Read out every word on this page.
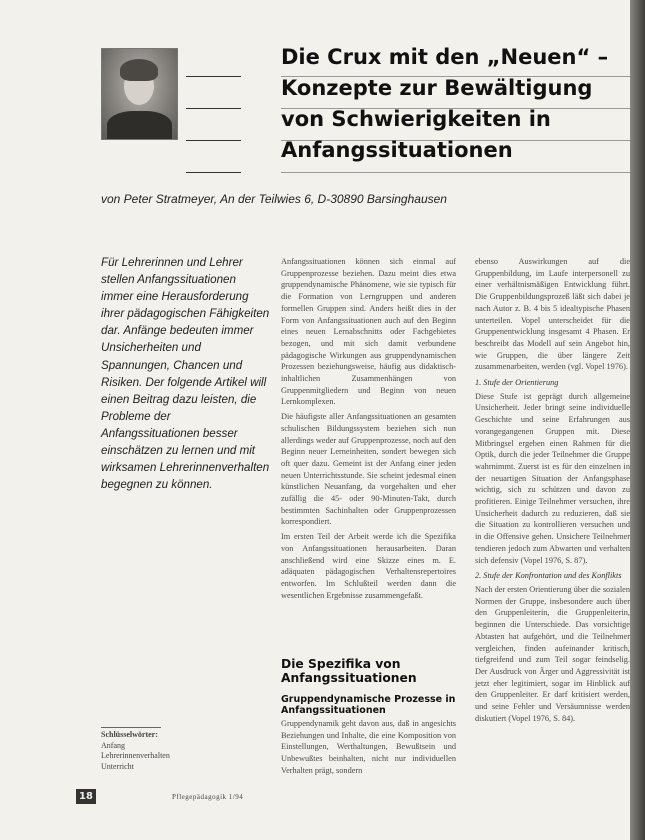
Die Crux mit den „Neuen“ –
Konzepte zur Bewältigung
von Schwierigkeiten in
Anfangssituationen
von Peter Stratmeyer, An der Teilwies 6, D-30890 Barsinghausen
Für Lehrerinnen und Lehrer stellen Anfangssituationen immer eine Herausforderung ihrer pädagogischen Fähigkeiten dar. Anfänge bedeuten immer Unsicherheiten und Spannungen, Chancen und Risiken. Der folgende Artikel will einen Beitrag dazu leisten, die Probleme der Anfangssituationen besser einschätzen zu lernen und mit wirksamen Lehrerinnenverhalten begegnen zu können.

Anfangssituationen können sich einmal auf Gruppenprozesse beziehen. Dazu meint dies etwa gruppendynamische Phänomene, wie sie typisch für die Formation von Lerngruppen und anderen formellen Gruppen sind. Anders heißt dies in der Form von Anfangssituationen auch auf den Beginn eines neuen Lernabschnitts oder Fachgebietes bezogen, und mit sich damit verbundene pädagogische Wirkungen aus gruppendynamischen Prozessen beziehungsweise, häufig aus didaktisch-inhaltlichen Zusammenhängen von Gruppenmitgliedern und Beginn von neuen Lernkomplexen.

Die häufigste aller Anfangssituationen an gesamten schulischen Bildungssystem beziehen sich nun allerdings weder auf Gruppenprozesse, noch auf den Beginn neuer Lerneinheiten, sondert bewegen sich oft quer dazu. Gemeint ist der Anfang einer jeden neuen Unterrichtsstunde. Sie scheint jedesmal einen künstlichen Neuanfang, da vorgehalten und eher zufällig die 45- oder 90-Minuten-Takt, durch bestimmten Sachinhalten oder Gruppenprozessen korrespondiert.

Im ersten Teil der Arbeit werde ich die Spezifika von Anfangssituationen herausarbeiten. Daran anschließend wird eine Skizze eines m. E. adäquaten pädagogischen Verhaltensrepertoires entworfen. Im Schlußteil werden dann die wesentlichen Ergebnisse zusammengefaßt.

Die Spezifika von Anfangssituationen
Gruppendynamische Prozesse in Anfangssituationen

Gruppendynamik geht davon aus, daß in angesichts Beziehungen und Inhalte, die eine Komposition von Einstellungen, Werthaltungen, Bewußtsein und Unbewußtes beinhalten, nicht nur individuellen Verhalten prägt, sondern

ebenso Auswirkungen auf die Gruppenbildung, im Laufe interpersonell zu einer verhältnismäßigen Entwicklung führt. Die Gruppenbildungsprozeß läßt sich dabei je nach Autor z. B. 4 bis 5 idealtypische Phasen unterteilen. Vopel unterscheidet für die Gruppenentwicklung insgesamt 4 Phasen. Er beschreibt das Modell auf sein Angebot hin, wie Gruppen, die über längere Zeit zusammenarbeiten, werden (vgl. Vopel 1976).

1. Stufe der Orientierung

Diese Stufe ist geprägt durch allgemeine Unsicherheit. Jeder bringt seine individuelle Geschichte und seine Erfahrungen aus vorangegangenen Gruppen mit. Diese Mitbringsel ergeben einen Rahmen für die Optik, durch die jeder Teilnehmer die Gruppe wahrnimmt. Zuerst ist es für den einzelnen in der neuartigen Situation der Anfangsphase wichtig, sich zu schützen und davon zu profitieren. Einige Teilnehmer versuchen, ihre Unsicherheit dadurch zu reduzieren, daß sie die Situation zu kontrollieren versuchen und in die Offensive gehen. Unsichere Teilnehmer tendieren jedoch zum Abwarten und verhalten sich defensiv (Vopel 1976, S. 87).

2. Stufe der Konfrontation und des Konflikts

Nach der ersten Orientierung über die sozialen Normen der Gruppe, insbesondere auch über den Gruppenleiterin, die Gruppenleiterin, beginnen die Unterschiede. Das vorsichtige Abtasten hat aufgehört, und die Teilnehmer vergleichen, finden aufeinander kritisch, tiefgreifend und zum Teil sogar feindselig. Der Ausdruck von Ärger und Aggressivität ist jetzt eher legitimiert, sogar im Hinblick auf den Gruppenleiter. Er darf kritisiert werden, und seine Fehler und Versäumnisse werden diskutiert (Vopel 1976, S. 84).

Schlüsselwörter:
Anfang
Lehrerinnenverhalten
Unterricht
18	Pflegepädagogik 1/94
